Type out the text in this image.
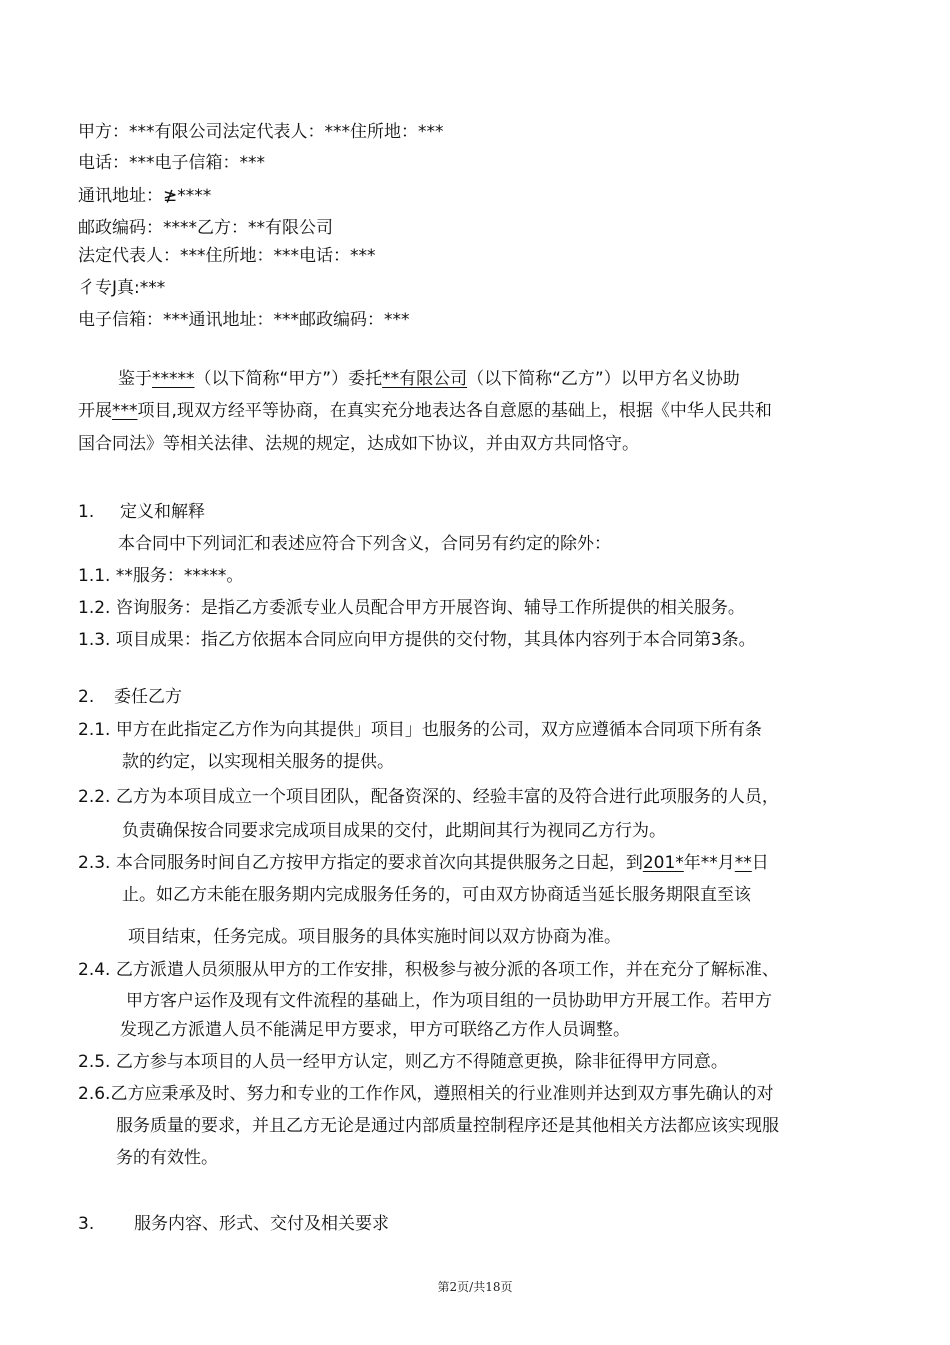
甲方：***有限公司法定代表人：***住所地：***
电话：***电子信箱：***
通讯地址：≱****
邮政编码：****乙方：**有限公司
法定代表人：***住所地：***电话：***
彳专J真:***
电子信箱：***通讯地址：***邮政编码：***
鉴于*****（以下简称“甲方”）委托**有限公司（以下简称“乙方”）以甲方名义协助
开展***项目,现双方经平等协商，在真实充分地表达各自意愿的基础上，根据《中华人民共和
国合同法》等相关法律、法规的规定，达成如下协议，并由双方共同恪守。
1. 定义和解释
本合同中下列词汇和表述应符合下列含义，合同另有约定的除外：
1.1. **服务：*****。
1.2. 咨询服务：是指乙方委派专业人员配合甲方开展咨询、辅导工作所提供的相关服务。
1.3. 项目成果：指乙方依据本合同应向甲方提供的交付物，其具体内容列于本合同第3条。
2. 委任乙方
2.1. 甲方在此指定乙方作为向其提供」项目」也服务的公司，双方应遵循本合同项下所有条
款的约定，以实现相关服务的提供。
2.2. 乙方为本项目成立一个项目团队，配备资深的、经验丰富的及符合进行此项服务的人员，
负责确保按合同要求完成项目成果的交付，此期间其行为视同乙方行为。
2.3. 本合同服务时间自乙方按甲方指定的要求首次向其提供服务之日起，到201*年**月**日
止。如乙方未能在服务期内完成服务任务的，可由双方协商适当延长服务期限直至该
项目结束，任务完成。项目服务的具体实施时间以双方协商为准。
2.4. 乙方派遣人员须服从甲方的工作安排，积极参与被分派的各项工作，并在充分了解标准、
甲方客户运作及现有文件流程的基础上，作为项目组的一员协助甲方开展工作。若甲方
发现乙方派遣人员不能满足甲方要求，甲方可联络乙方作人员调整。
2.5. 乙方参与本项目的人员一经甲方认定，则乙方不得随意更换，除非征得甲方同意。
2.6.乙方应秉承及时、努力和专业的工作作风，遵照相关的行业准则并达到双方事先确认的对
服务质量的要求，并且乙方无论是通过内部质量控制程序还是其他相关方法都应该实现服
务的有效性。
3. 服务内容、形式、交付及相关要求
第2页/共18页
